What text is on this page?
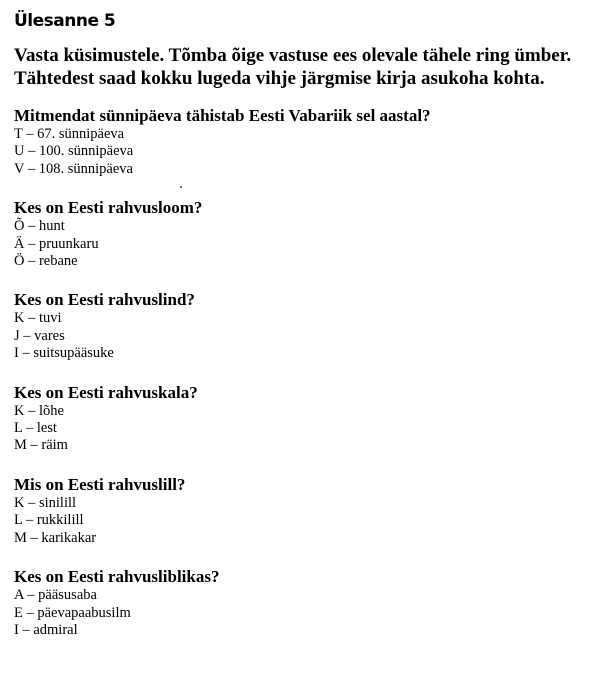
Ülesanne 5

Vasta küsimustele. Tõmba õige vastuse ees olevale tähele ring ümber. Tähtedest saad kokku lugeda vihje järgmise kirja asukoha kohta.

Mitmendat sünnipäeva tähistab Eesti Vabariik sel aastal?

T – 67. sünnipäeva
U – 100. sünnipäeva
V – 108. sünnipäeva

Kes on Eesti rahvusloom?

Õ – hunt
Ä – pruunkaru
Ö – rebane

Kes on Eesti rahvuslind?

K – tuvi
J – vares
I – suitsupääsuke

Kes on Eesti rahvuskala?

K – lõhe
L – lest
M – räim

Mis on Eesti rahvuslill?

K – sinilill
L – rukkilill
M – karikakar

Kes on Eesti rahvusliblikas?

A – pääsusaba
E – päevapaabusilm
I – admiral
